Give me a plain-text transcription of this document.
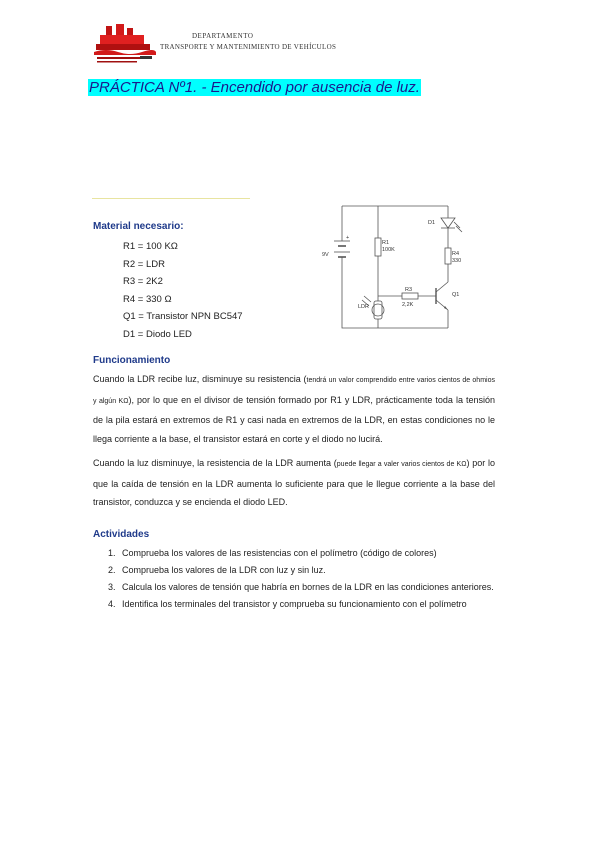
DEPARTAMENTO
TRANSPORTE Y MANTENIMIENTO DE VEHÍCULOS
PRÁCTICA Nº1. - Encendido por ausencia de luz.
Material necesario:
R1 = 100 KΩ
R2 = LDR
R3 = 2K2
R4 = 330 Ω
Q1 = Transistor NPN BC547
D1 = Diodo LED
+
9V
R1
100K
R3
2,2K
R4
330
D1
Q1
LDR
Funcionamiento
Cuando la LDR recibe luz, disminuye su resistencia (tendrá un valor comprendido entre varios cientos de ohmios y algún KΩ), por lo que en el divisor de tensión formado por R1 y LDR, prácticamente toda la tensión de la pila estará en extremos de R1 y casi nada en extremos de la LDR, en estas condiciones no le llega corriente a la base, el transistor estará en corte y el diodo no lucirá.
Cuando la luz disminuye, la resistencia de la LDR aumenta (puede llegar a valer varios cientos de KΩ) por lo que la caída de tensión en la LDR aumenta lo suficiente para que le llegue corriente a la base del transistor, conduzca y se encienda el diodo LED.
Actividades
1. Comprueba los valores de las resistencias con el polímetro (código de colores)
2. Comprueba los valores de la LDR con luz y sin luz.
3. Calcula los valores de tensión que habría en bornes de la LDR en las condiciones anteriores.
4. Identifica los terminales del transistor y comprueba su funcionamiento con el polímetro
